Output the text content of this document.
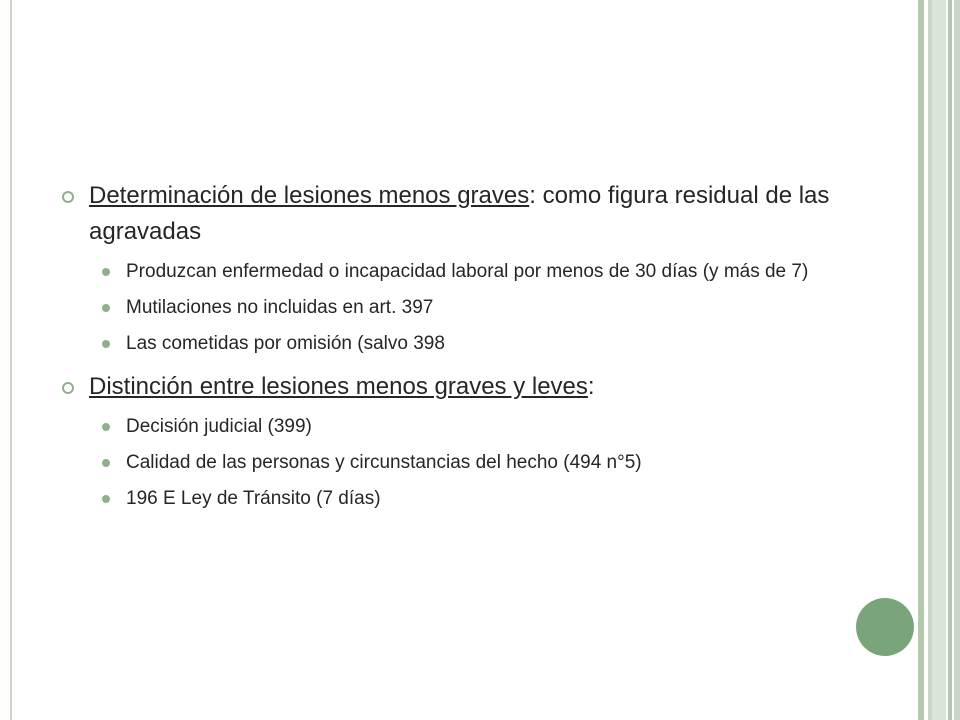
Determinación de lesiones menos graves: como figura residual de las agravadas
Produzcan enfermedad o incapacidad laboral por menos de 30 días (y más de 7)
Mutilaciones no incluidas en art. 397
Las cometidas por omisión (salvo 398
Distinción entre lesiones menos graves y leves:
Decisión judicial (399)
Calidad de las personas y circunstancias del hecho (494 n°5)
196 E Ley de Tránsito (7 días)
